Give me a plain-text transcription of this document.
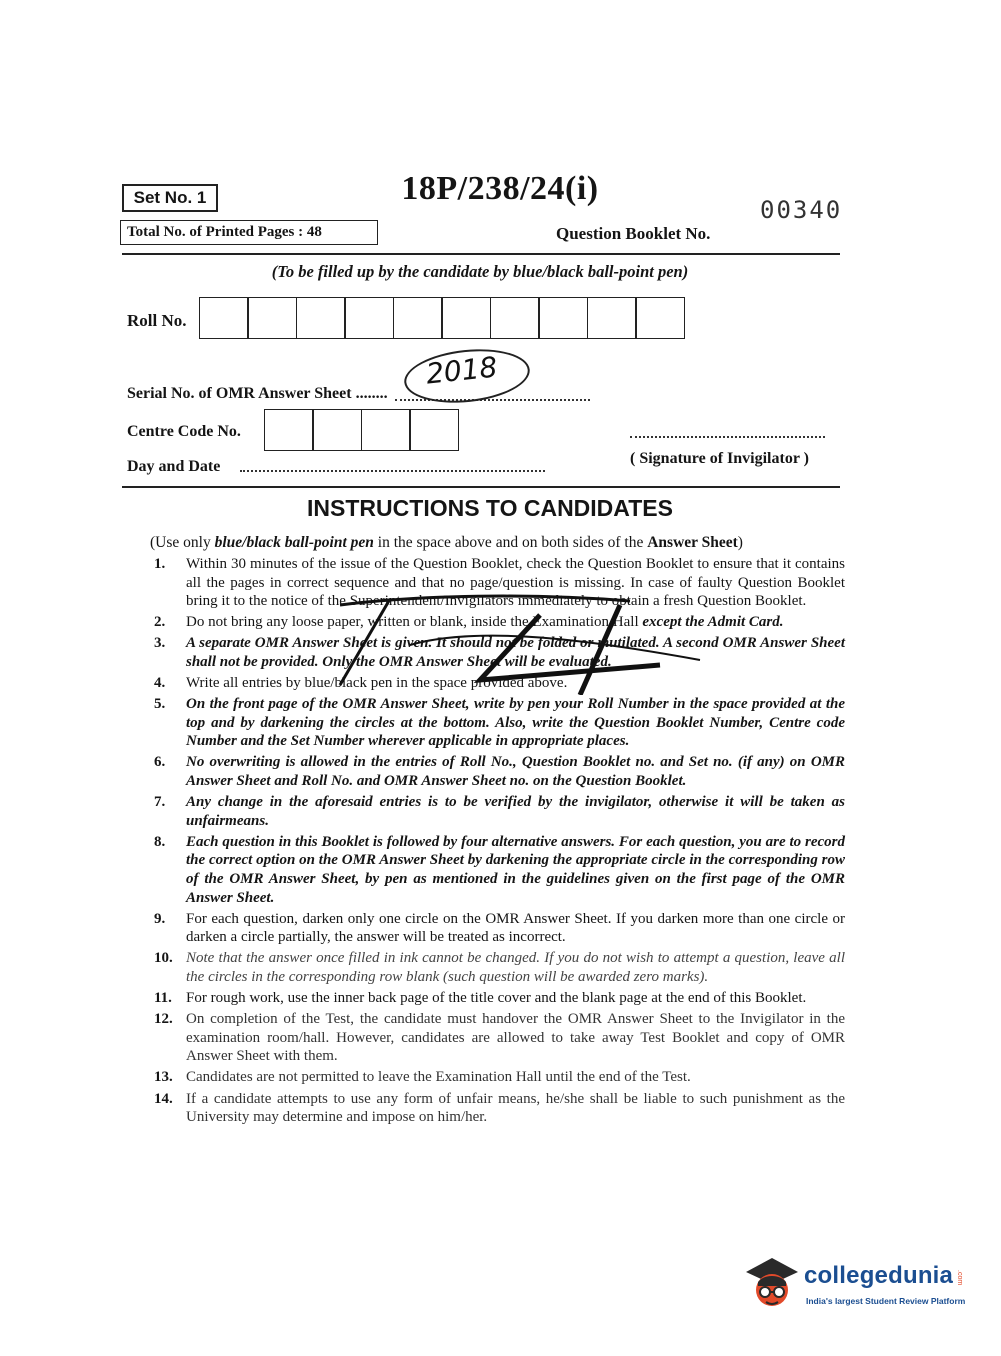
Set No. 1
Total No. of Printed Pages : 48
18P/238/24(i)
00340
Question Booklet No.
(To be filled up by the candidate by blue/black ball-point pen)
Roll No.
Serial No. of OMR Answer Sheet ........
2018
Centre Code No.
Day and Date	( Signature of Invigilator )
INSTRUCTIONS TO CANDIDATES
(Use only blue/black ball-point pen in the space above and on both sides of the Answer Sheet)
1.	Within 30 minutes of the issue of the Question Booklet, check the Question Booklet to ensure that it contains all the pages in correct sequence and that no page/question is missing. In case of faulty Question Booklet bring it to the notice of the Superintendent/Invigilators immediately to obtain a fresh Question Booklet.
2.	Do not bring any loose paper, written or blank, inside the Examination Hall except the Admit Card.
3.	A separate OMR Answer Sheet is given. It should not be folded or mutilated. A second OMR Answer Sheet shall not be provided. Only the OMR Answer Sheet will be evaluated.
4.	Write all entries by blue/black pen in the space provided above.
5.	On the front page of the OMR Answer Sheet, write by pen your Roll Number in the space provided at the top and by darkening the circles at the bottom. Also, write the Question Booklet Number, Centre code Number and the Set Number wherever applicable in appropriate places.
6.	No overwriting is allowed in the entries of Roll No., Question Booklet no. and Set no. (if any) on OMR Answer Sheet and Roll No. and OMR Answer Sheet no. on the Question Booklet.
7.	Any change in the aforesaid entries is to be verified by the invigilator, otherwise it will be taken as unfairmeans.
8.	Each question in this Booklet is followed by four alternative answers. For each question, you are to record the correct option on the OMR Answer Sheet by darkening the appropriate circle in the corresponding row of the OMR Answer Sheet, by pen as mentioned in the guidelines given on the first page of the OMR Answer Sheet.
9.	For each question, darken only one circle on the OMR Answer Sheet. If you darken more than one circle or darken a circle partially, the answer will be treated as incorrect.
10. Note that the answer once filled in ink cannot be changed. If you do not wish to attempt a question, leave all the circles in the corresponding row blank (such question will be awarded zero marks).
11. For rough work, use the inner back page of the title cover and the blank page at the end of this Booklet.
12. On completion of the Test, the candidate must handover the OMR Answer Sheet to the Invigilator in the examination room/hall. However, candidates are allowed to take away Test Booklet and copy of OMR Answer Sheet with them.
13. Candidates are not permitted to leave the Examination Hall until the end of the Test.
14. If a candidate attempts to use any form of unfair means, he/she shall be liable to such punishment as the University may determine and impose on him/her.
collegedunia .com
India's largest Student Review Platform
